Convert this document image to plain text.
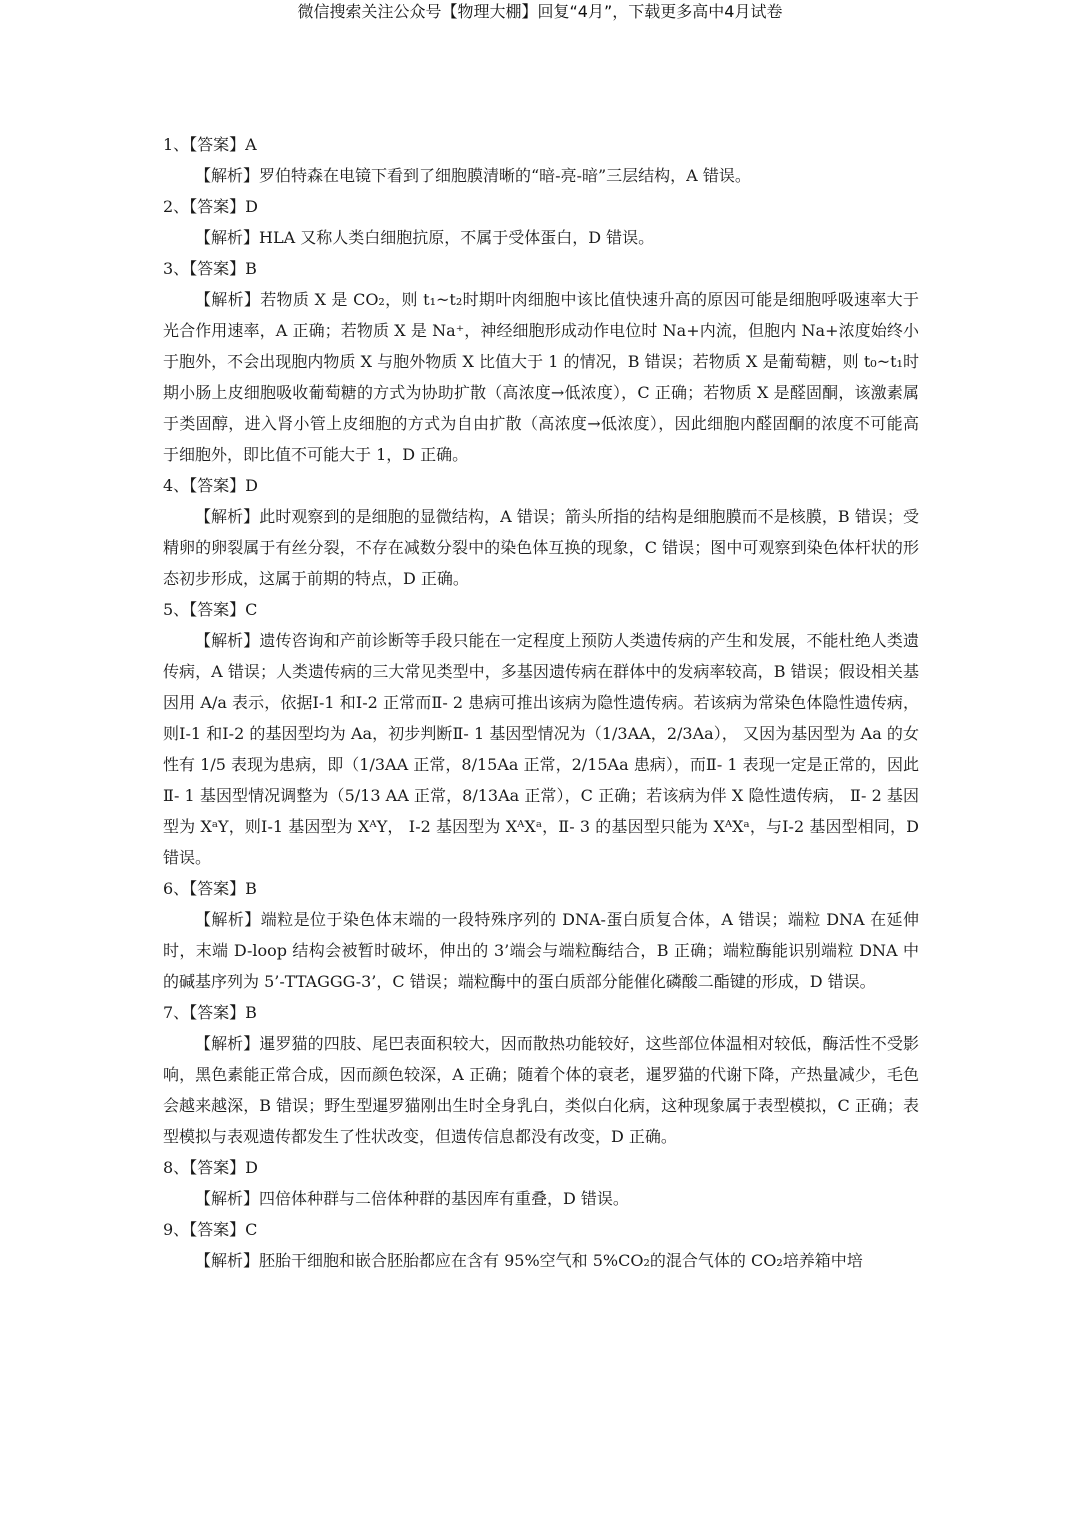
微信搜索关注公众号【物理大棚】回复“4月”，下载更多高中4月试卷
1、【答案】A

【解析】罗伯特森在电镜下看到了细胞膜清晰的“暗-亮-暗”三层结构，A 错误。

2、【答案】D

【解析】HLA 又称人类白细胞抗原，不属于受体蛋白，D 错误。

3、【答案】B

【解析】若物质 X 是 CO₂，则 t₁~t₂时期叶肉细胞中该比值快速升高的原因可能是细胞呼吸速率大于光合作用速率，A 正确；若物质 X 是 Na⁺，神经细胞形成动作电位时 Na+内流，但胞内 Na+浓度始终小于胞外，不会出现胞内物质 X 与胞外物质 X 比值大于 1 的情况，B 错误；若物质 X 是葡萄糖，则 t₀~t₁时期小肠上皮细胞吸收葡萄糖的方式为协助扩散（高浓度→低浓度），C 正确；若物质 X 是醛固酮，该激素属于类固醇，进入肾小管上皮细胞的方式为自由扩散（高浓度→低浓度），因此细胞内醛固酮的浓度不可能高于细胞外，即比值不可能大于 1，D 正确。

4、【答案】D

【解析】此时观察到的是细胞的显微结构，A 错误；箭头所指的结构是细胞膜而不是核膜，B 错误；受精卵的卵裂属于有丝分裂，不存在减数分裂中的染色体互换的现象，C 错误；图中可观察到染色体杆状的形态初步形成，这属于前期的特点，D 正确。

5、【答案】C

【解析】遗传咨询和产前诊断等手段只能在一定程度上预防人类遗传病的产生和发展，不能杜绝人类遗传病，A 错误；人类遗传病的三大常见类型中，多基因遗传病在群体中的发病率较高，B 错误；假设相关基因用 A/a 表示，依据Ⅰ-1 和Ⅰ-2 正常而Ⅱ- 2 患病可推出该病为隐性遗传病。若该病为常染色体隐性遗传病，则Ⅰ-1 和Ⅰ-2 的基因型均为 Aa，初步判断Ⅱ- 1 基因型情况为（1/3AA，2/3Aa）， 又因为基因型为 Aa 的女性有 1/5 表现为患病，即（1/3AA 正常，8/15Aa 正常，2/15Aa 患病），而Ⅱ- 1 表现一定是正常的，因此Ⅱ- 1 基因型情况调整为（5/13 AA 正常，8/13Aa 正常），C 正确；若该病为伴 X 隐性遗传病， Ⅱ- 2 基因型为 XᵃY，则Ⅰ-1 基因型为 XᴬY， Ⅰ-2 基因型为 XᴬXᵃ，Ⅱ- 3 的基因型只能为 XᴬXᵃ，与Ⅰ-2 基因型相同，D 错误。

6、【答案】B

【解析】端粒是位于染色体末端的一段特殊序列的 DNA-蛋白质复合体，A 错误；端粒 DNA 在延伸时，末端 D-loop 结构会被暂时破坏，伸出的 3’端会与端粒酶结合，B 正确；端粒酶能识别端粒 DNA 中的碱基序列为 5’-TTAGGG-3’，C 错误；端粒酶中的蛋白质部分能催化磷酸二酯键的形成，D 错误。

7、【答案】B

【解析】暹罗猫的四肢、尾巴表面积较大，因而散热功能较好，这些部位体温相对较低，酶活性不受影响，黑色素能正常合成，因而颜色较深，A 正确；随着个体的衰老，暹罗猫的代谢下降，产热量减少，毛色会越来越深，B 错误；野生型暹罗猫刚出生时全身乳白，类似白化病，这种现象属于表型模拟，C 正确；表型模拟与表观遗传都发生了性状改变，但遗传信息都没有改变，D 正确。

8、【答案】D

【解析】四倍体种群与二倍体种群的基因库有重叠，D 错误。

9、【答案】C

【解析】胚胎干细胞和嵌合胚胎都应在含有 95%空气和 5%CO₂的混合气体的 CO₂培养箱中培
